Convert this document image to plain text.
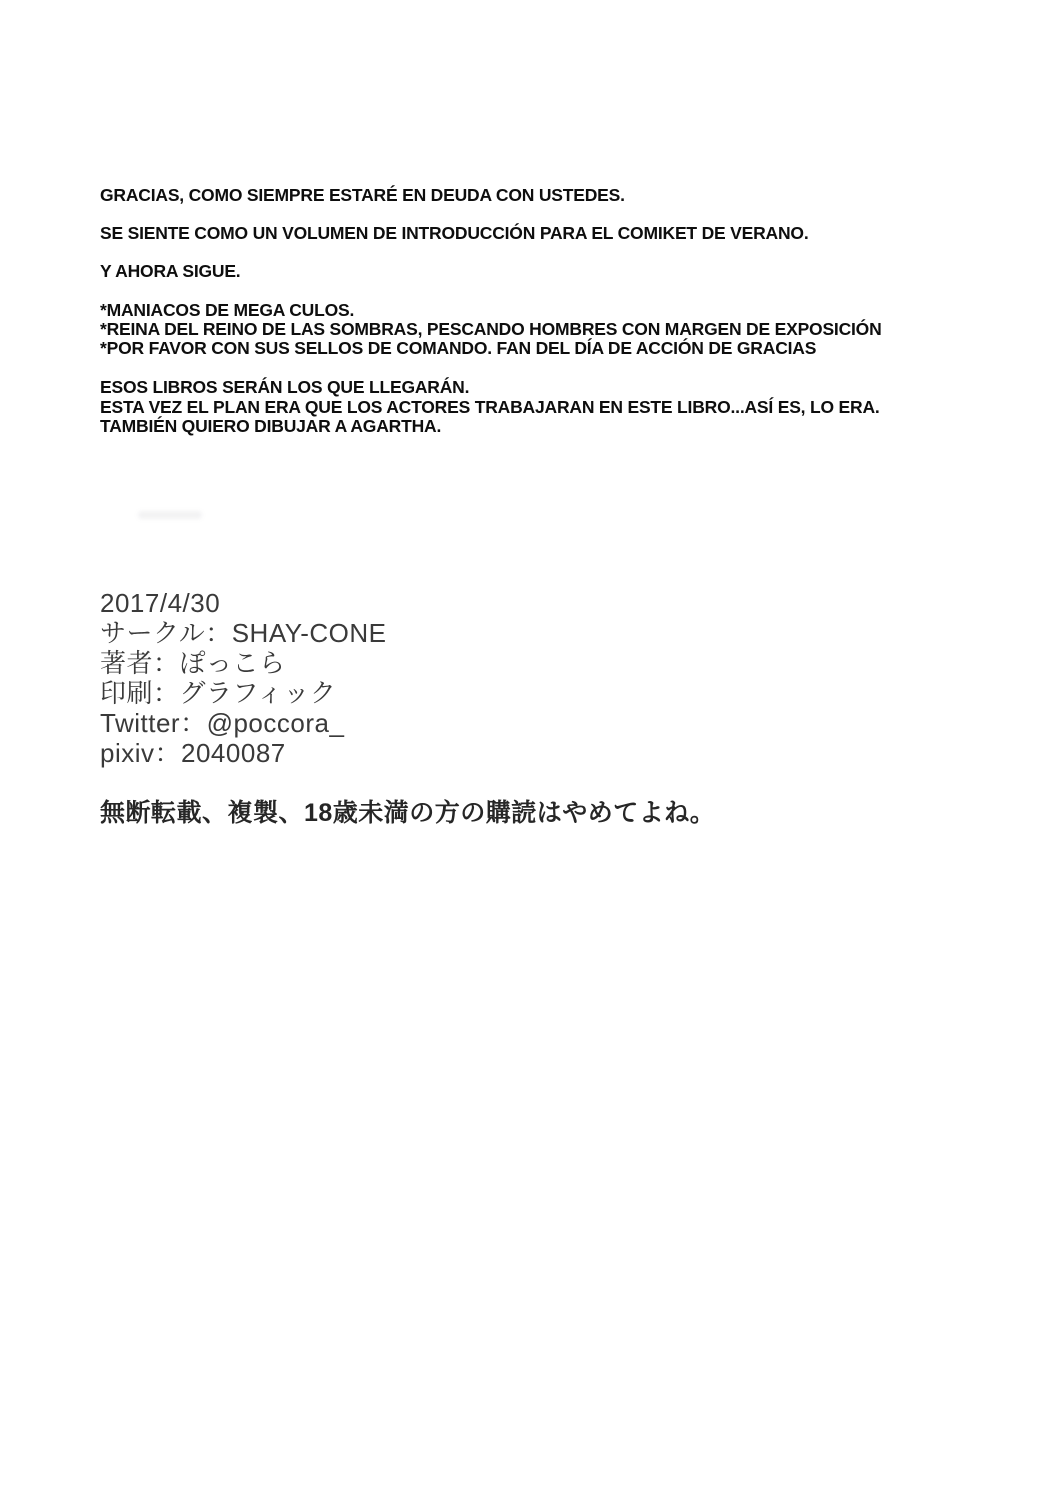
GRACIAS, COMO SIEMPRE ESTARÉ EN DEUDA CON USTEDES.
SE SIENTE COMO UN VOLUMEN DE INTRODUCCIÓN PARA EL COMIKET DE VERANO.
Y AHORA SIGUE.
*MANIACOS DE MEGA CULOS.
*REINA DEL REINO DE LAS SOMBRAS, PESCANDO HOMBRES CON MARGEN DE EXPOSICIÓN
*POR FAVOR CON SUS SELLOS DE COMANDO. FAN DEL DÍA DE ACCIÓN DE GRACIAS
ESOS LIBROS SERÁN LOS QUE LLEGARÁN.
ESTA VEZ EL PLAN ERA QUE LOS ACTORES TRABAJARAN EN ESTE LIBRO...ASÍ ES, LO ERA.
TAMBIÉN QUIERO DIBUJAR A AGARTHA.
2017/4/30
サークル：SHAY-CONE
著者：ぽっこら
印刷：グラフィック
Twitter：@poccora_
pixiv：2040087
無断転載、複製、18歳未満の方の購読はやめてよね。
